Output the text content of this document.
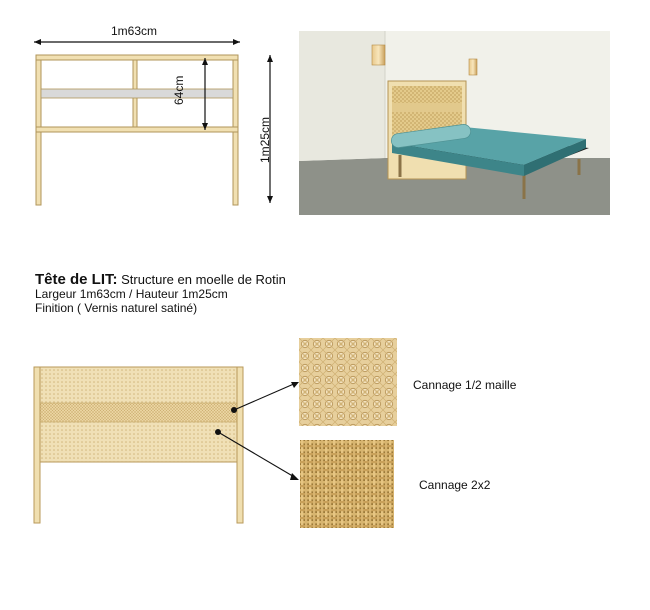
1m63cm
64cm
1m25cm
Tête de LIT: Structure en moelle de Rotin
Largeur 1m63cm / Hauteur 1m25cm
Finition ( Vernis naturel satiné)
Cannage 1/2 maille
Cannage 2x2
